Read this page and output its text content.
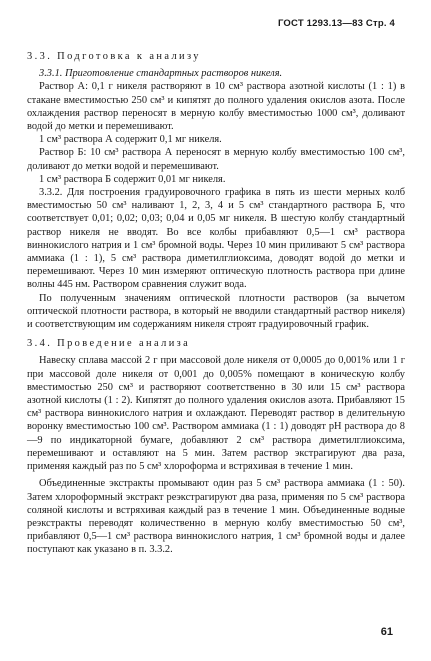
ГОСТ 1293.13—83 Стр. 4

3.3. Подготовка к анализу

3.3.1. Приготовление стандартных растворов никеля.

Раствор А: 0,1 г никеля растворяют в 10 см³ раствора азотной кислоты (1 : 1) в стакане вместимостью 250 см³ и кипятят до полного удаления окислов азота. После охлаждения раствор переносят в мерную колбу вместимостью 1000 см³, доливают водой до метки и перемешивают.

1 см³ раствора А содержит 0,1 мг никеля.

Раствор Б: 10 см³ раствора А переносят в мерную колбу вместимостью 100 см³, доливают до метки водой и перемешивают.

1 см³ раствора Б содержит 0,01 мг никеля.

3.3.2. Для построения градуировочного графика в пять из шести мерных колб вместимостью 50 см³ наливают 1, 2, 3, 4 и 5 см³ стандартного раствора Б, что соответствует 0,01; 0,02; 0,03; 0,04 и 0,05 мг никеля. В шестую колбу стандартный раствор никеля не вводят. Во все колбы прибавляют 0,5—1 см³ раствора виннокислого натрия и 1 см³ бромной воды. Через 10 мин приливают 5 см³ раствора аммиака (1 : 1), 5 см³ раствора диметилглиоксима, доводят водой до метки и перемешивают. Через 10 мин измеряют оптическую плотность раствора при длине волны 445 нм. Раствором сравнения служит вода.

По полученным значениям оптической плотности растворов (за вычетом оптической плотности раствора, в который не вводили стандартный раствор никеля) и соответствующим им содержаниям никеля строят градуировочный график.

3.4. Проведение анализа

Навеску сплава массой 2 г при массовой доле никеля от 0,0005 до 0,001% или 1 г при массовой доле никеля от 0,001 до 0,005% помещают в коническую колбу вместимостью 250 см³ и растворяют соответственно в 30 или 15 см³ раствора азотной кислоты (1 : 2). Кипятят до полного удаления окислов азота. Прибавляют 15 см³ раствора виннокислого натрия и охлаждают. Переводят раствор в делительную воронку вместимостью 100 см³. Раствором аммиака (1 : 1) доводят pH раствора до 8—9 по индикаторной бумаге, добавляют 2 см³ раствора диметилглиоксима, перемешивают и оставляют на 5 мин. Затем раствор экстрагируют два раза, применяя каждый раз по 5 см³ хлороформа и встряхивая в течение 1 мин.

Объединенные экстракты промывают один раз 5 см³ раствора аммиака (1 : 50). Затем хлороформный экстракт реэкстрагируют два раза, применяя по 5 см³ раствора соляной кислоты и встряхивая каждый раз в течение 1 мин. Объединенные водные реэкстракты переводят количественно в мерную колбу вместимостью 50 см³, прибавляют 0,5—1 см³ раствора виннокислого натрия, 1 см³ бромной воды и далее поступают как указано в п. 3.3.2.

61
